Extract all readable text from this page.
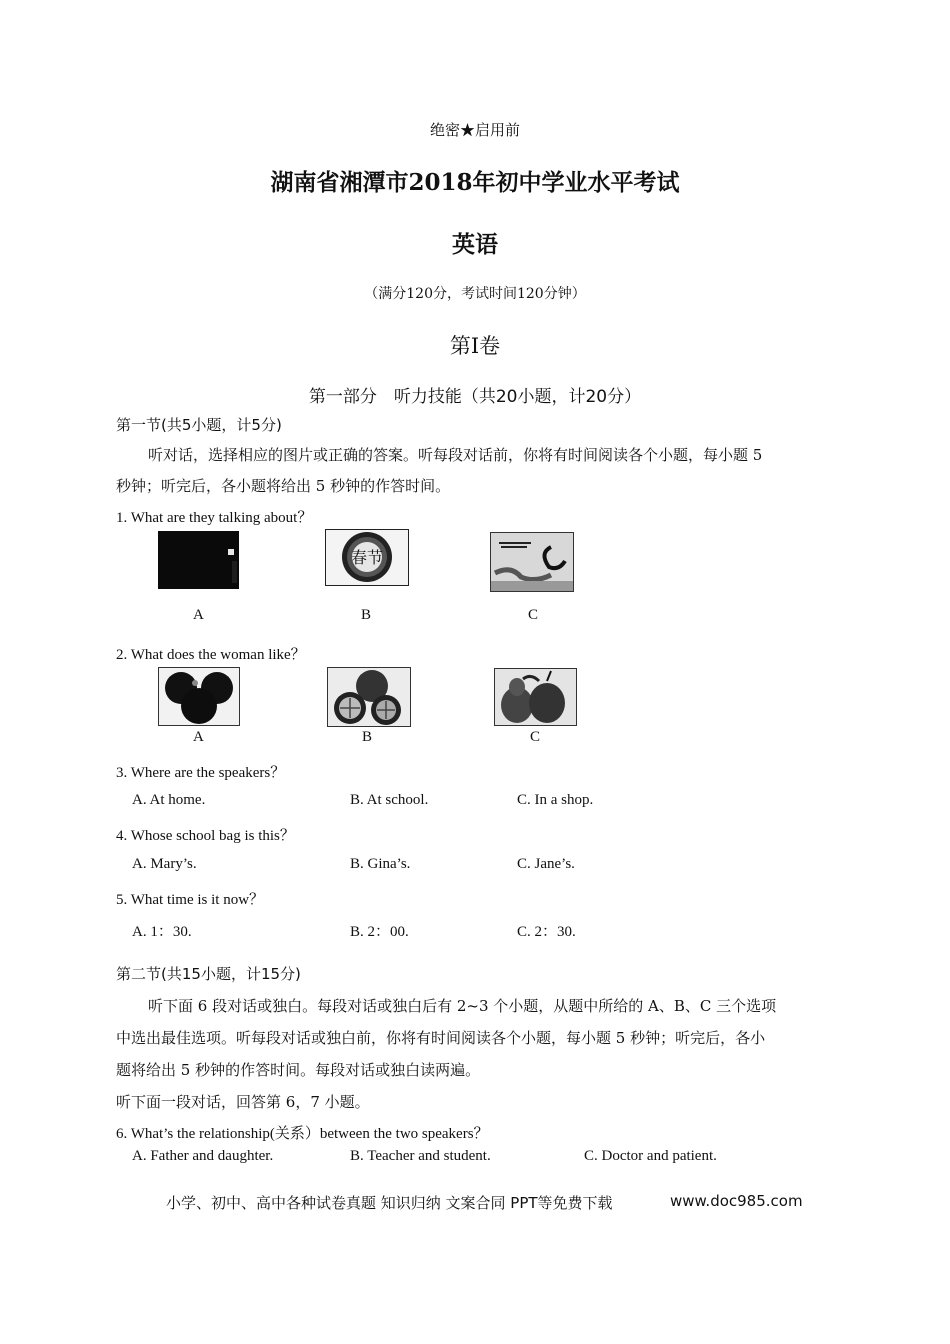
绝密★启用前
湖南省湘潭市2018年初中学业水平考试
英语
（满分120分，考试时间120分钟）
第Ⅰ卷
第一部分　听力技能（共20小题，计20分）
第一节(共5小题，计5分)
听对话，选择相应的图片或正确的答案。听每段对话前，你将有时间阅读各个小题，每小题 5
秒钟；听完后，各小题将给出 5 秒钟的作答时间。
1. What are they talking about？
春节
A	B	C
2. What does the woman like？
A	B	C
3. Where are the speakers？
A. At home.	B. At school.	C. In a shop.
4. Whose school bag is this？
A. Mary’s.	B. Gina’s.	C. Jane’s.
5. What time is it now？
A. 1：30.	B. 2：00.	C. 2：30.
第二节(共15小题，计15分)
听下面 6 段对话或独白。每段对话或独白后有 2~3 个小题，从题中所给的 A、B、C 三个选项
中选出最佳选项。听每段对话或独白前，你将有时间阅读各个小题，每小题 5 秒钟；听完后，各小
题将给出 5 秒钟的作答时间。每段对话或独白读两遍。
听下面一段对话，回答第 6，7 小题。
6. What’s the relationship(关系）between the two speakers？
A. Father and daughter.	B. Teacher and student.	C. Doctor and patient.
小学、初中、高中各种试卷真题 知识归纳 文案合同 PPT等免费下载	www.doc985.com
